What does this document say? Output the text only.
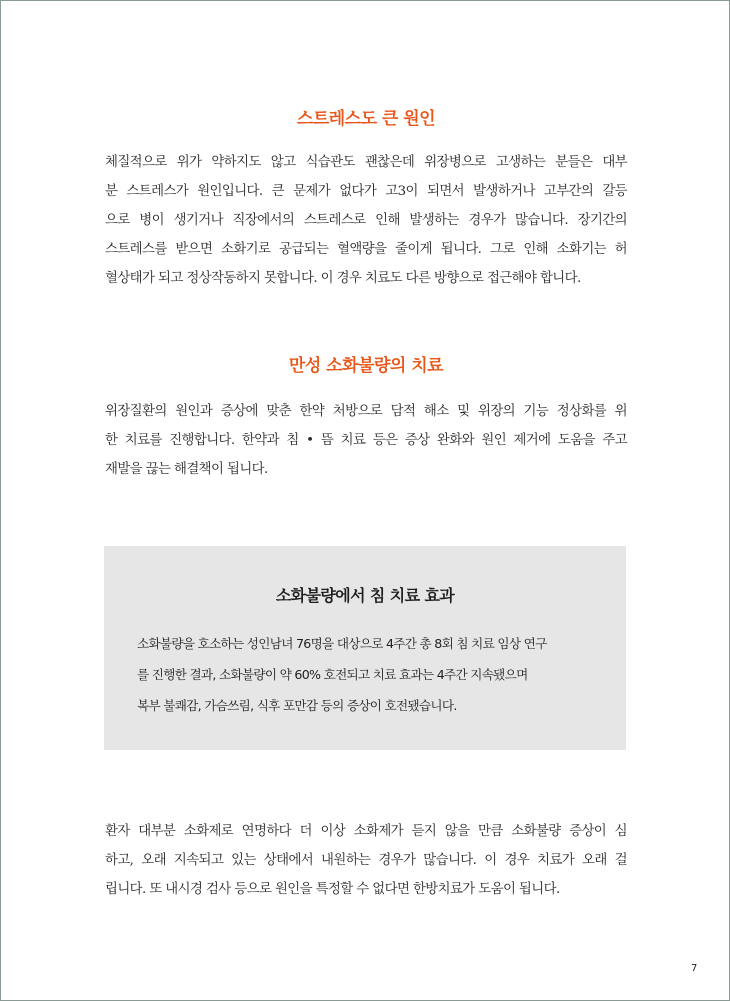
스트레스도 큰 원인
체질적으로 위가 약하지도 않고 식습관도 괜찮은데 위장병으로 고생하는 분들은 대부
분 스트레스가 원인입니다. 큰 문제가 없다가 고3이 되면서 발생하거나 고부간의 갈등
으로 병이 생기거나 직장에서의 스트레스로 인해 발생하는 경우가 많습니다. 장기간의
스트레스를 받으면 소화기로 공급되는 혈액량을 줄이게 됩니다. 그로 인해 소화기는 허
혈상태가 되고 정상작동하지 못합니다. 이 경우 치료도 다른 방향으로 접근해야 합니다.
만성 소화불량의 치료
위장질환의 원인과 증상에 맞춘 한약 처방으로 담적 해소 및 위장의 기능 정상화를 위
한 치료를 진행합니다. 한약과 침 • 뜸 치료 등은 증상 완화와 원인 제거에 도움을 주고
재발을 끊는 해결책이 됩니다.
소화불량에서 침 치료 효과
소화불량을 호소하는 성인남녀 76명을 대상으로 4주간 총 8회 침 치료 임상 연구
를 진행한 결과, 소화불량이 약 60% 호전되고 치료 효과는 4주간 지속됐으며
복부 불쾌감, 가슴쓰림, 식후 포만감 등의 증상이 호전됐습니다.
환자 대부분 소화제로 연명하다 더 이상 소화제가 듣지 않을 만큼 소화불량 증상이 심
하고, 오래 지속되고 있는 상태에서 내원하는 경우가 많습니다. 이 경우 치료가 오래 걸
립니다. 또 내시경 검사 등으로 원인을 특정할 수 없다면 한방치료가 도움이 됩니다.
7
